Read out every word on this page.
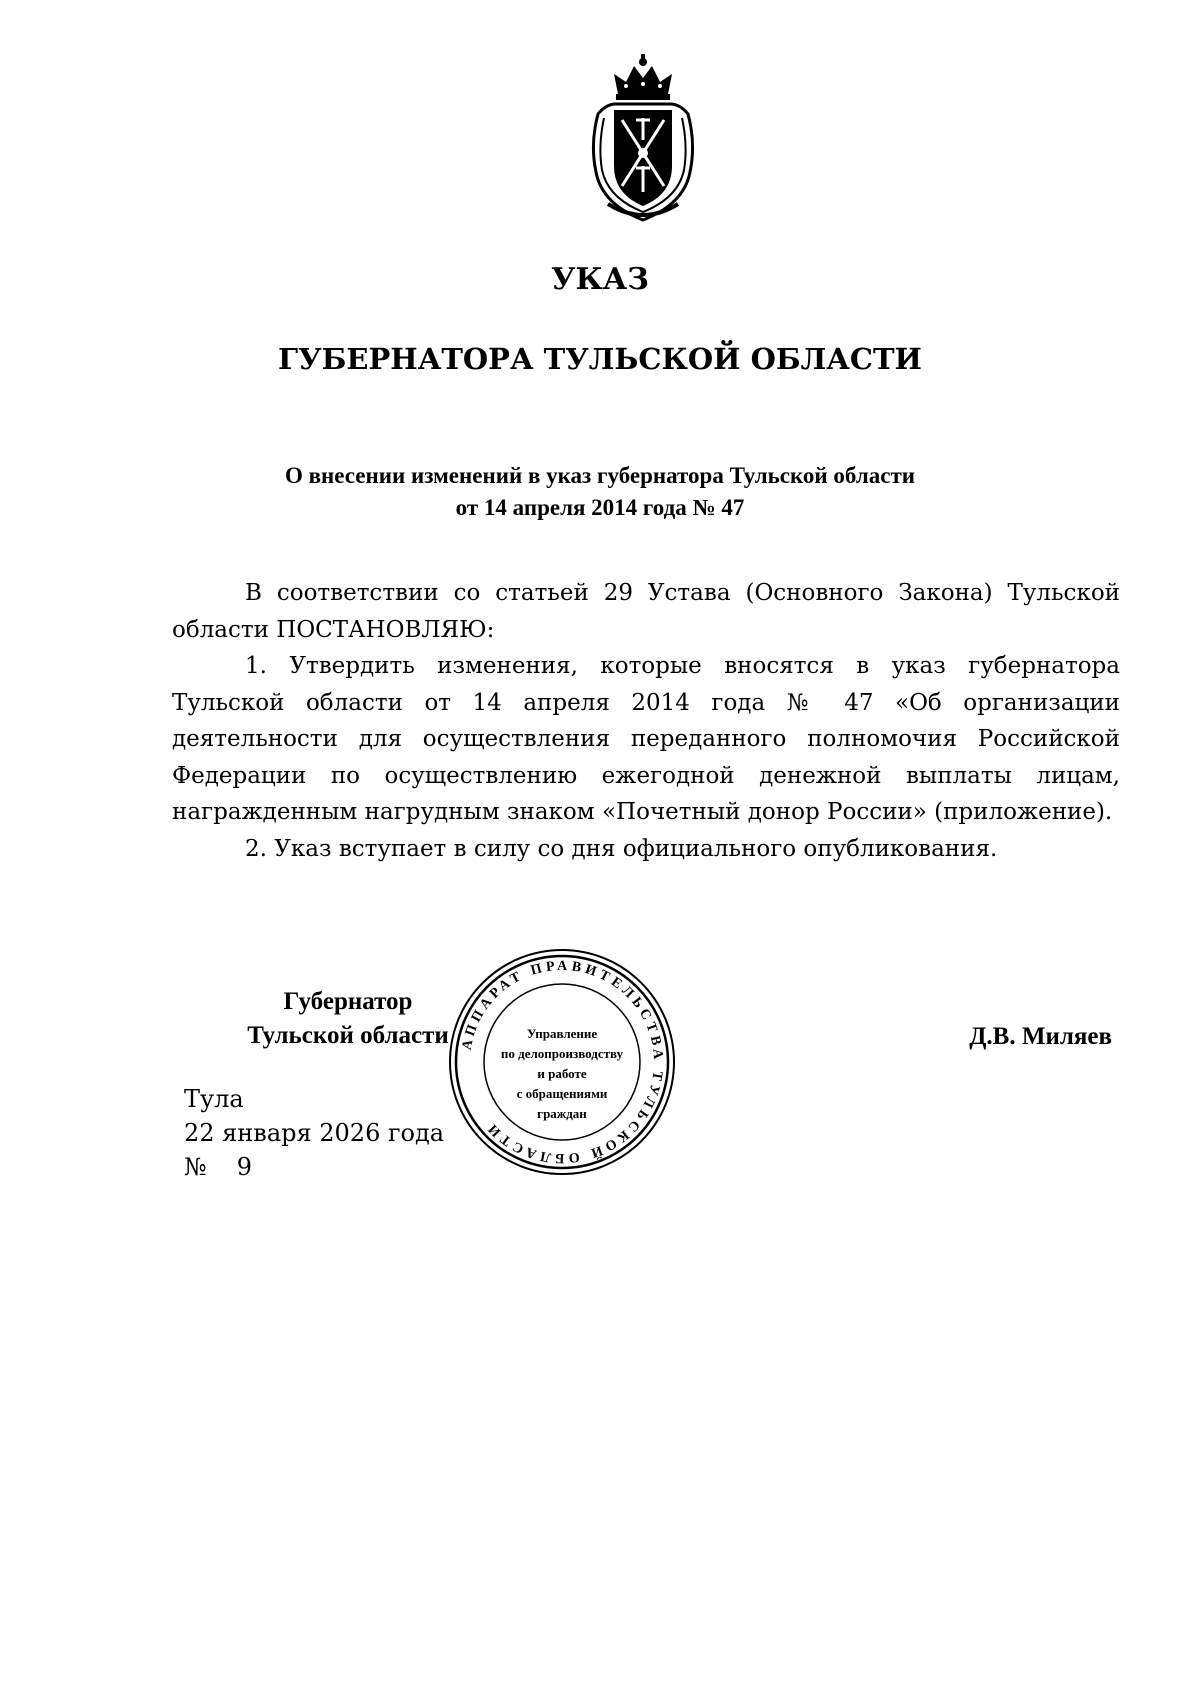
УКАЗ
ГУБЕРНАТОРА ТУЛЬСКОЙ ОБЛАСТИ
О внесении изменений в указ губернатора Тульской области
от 14 апреля 2014 года № 47

В соответствии со статьей 29 Устава (Основного Закона) Тульской области ПОСТАНОВЛЯЮ:

1. Утвердить изменения, которые вносятся в указ губернатора Тульской области от 14 апреля 2014 года № 47 «Об организации деятельности для осуществления переданного полномочия Российской Федерации по осуществлению ежегодной денежной выплаты лицам, награжденным нагрудным знаком «Почетный донор России» (приложение).

2. Указ вступает в силу со дня официального опубликования.

Губернатор
Тульской области	Д.В. Миляев
Тула
22 января 2026 года
№ 9
АППАРАТ ПРАВИТЕЛЬСТВА ТУЛЬСКОЙ ОБЛАСТИ
Управление
по делопроизводству
и работе
с обращениями
граждан
